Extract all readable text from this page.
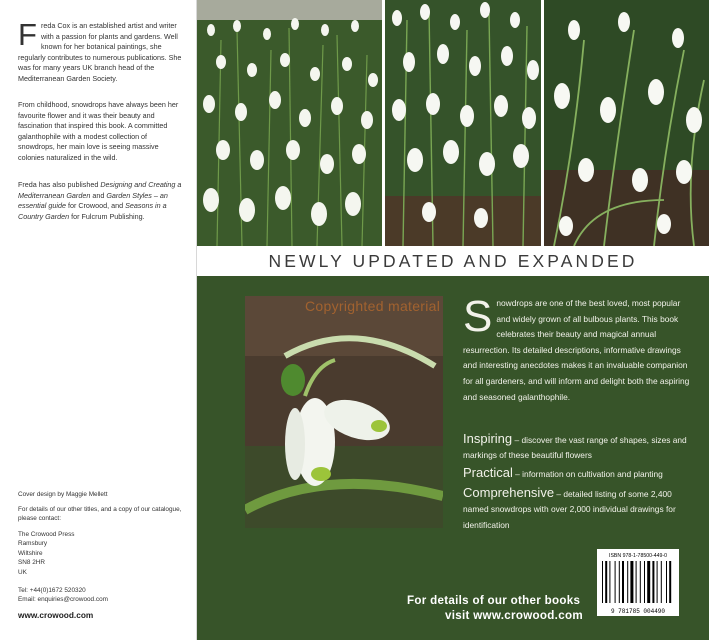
Freda Cox is an established artist and writer with a passion for plants and gardens. Well known for her botanical paintings, she regularly contributes to numerous publications. She was for many years UK branch head of the Mediterranean Garden Society.

From childhood, snowdrops have always been her favourite flower and it was their beauty and fascination that inspired this book. A committed galanthophile with a modest collection of snowdrops, her main love is seeing massive colonies naturalized in the wild.

Freda has also published Designing and Creating a Mediterranean Garden and Garden Styles – an essential guide for Crowood, and Seasons in a Country Garden for Fulcrum Publishing.

Cover design by Maggie Mellett

For details of our other titles, and a copy of our catalogue, please contact:

The Crowood Press
Ramsbury
Wiltshire
SN8 2HR
UK
Tel: +44(0)1672 520320
Email: enquiries@crowood.com
www.crowood.com
NEWLY UPDATED AND EXPANDED
Copyrighted material Snowdrops are one of the best loved, most popular and widely grown of all bulbous plants. This book celebrates their beauty and magical annual resurrection. Its detailed descriptions, informative drawings and interesting anecdotes makes it an invaluable companion for all gardeners, and will inform and delight both the aspiring and seasoned galanthophile.

Inspiring – discover the vast range of shapes, sizes and markings of these beautiful flowers

Practical – information on cultivation and planting

Comprehensive – detailed listing of some 2,400 named snowdrops with over 2,000 individual drawings for identification

For details of our other books
visit www.crowood.com
ISBN 978-1-78500-449-0
9 781785 004490
